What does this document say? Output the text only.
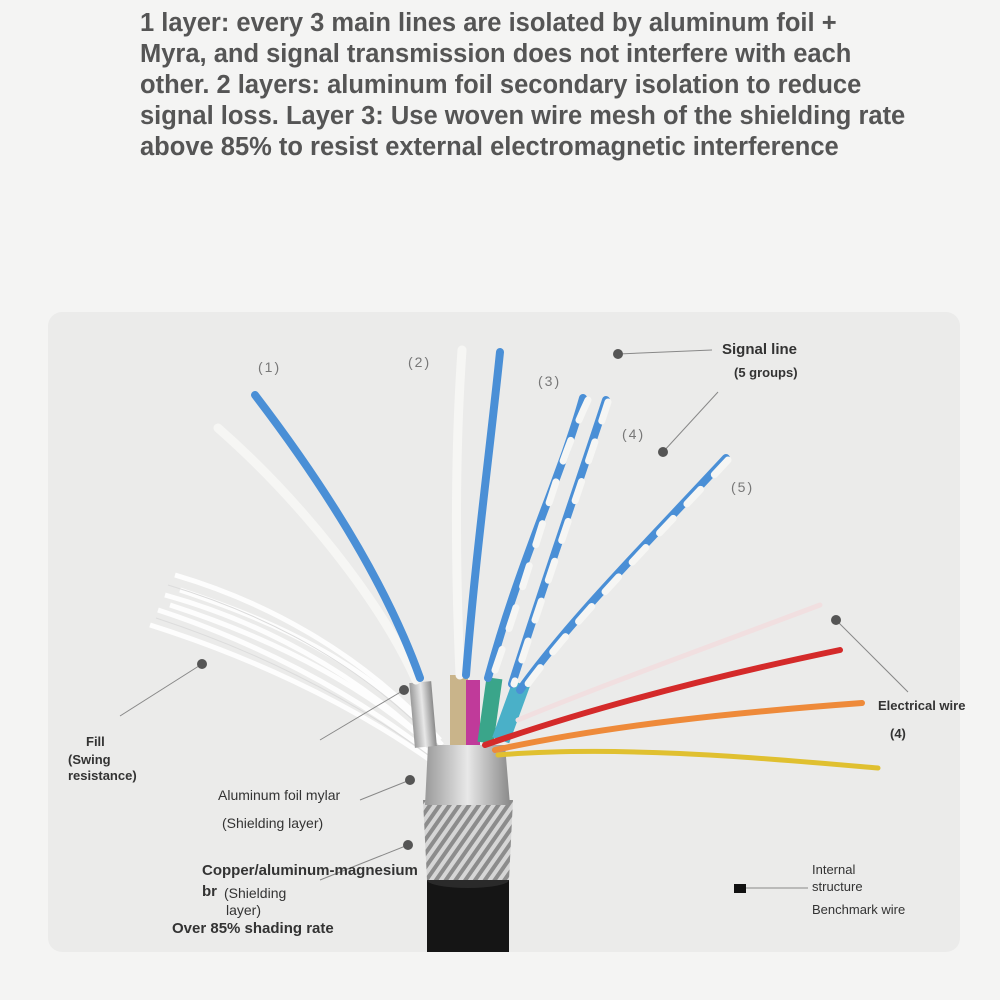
1 layer: every 3 main lines are isolated by aluminum foil +
Myra, and signal transmission does not interfere with each
other. 2 layers: aluminum foil secondary isolation to reduce
signal loss. Layer 3: Use woven wire mesh of the shielding rate
above 85% to resist external electromagnetic interference
(1)	(2)
(3)
(4)
(5)
Signal line
(5 groups)
Electrical wire
(4)
Fill
(Swing
resistance)
Aluminum foil mylar
(Shielding layer)
Copper/aluminum-magnesium
br (Shielding
layer)
Over 85% shading rate
Internal
structure
Benchmark wire
